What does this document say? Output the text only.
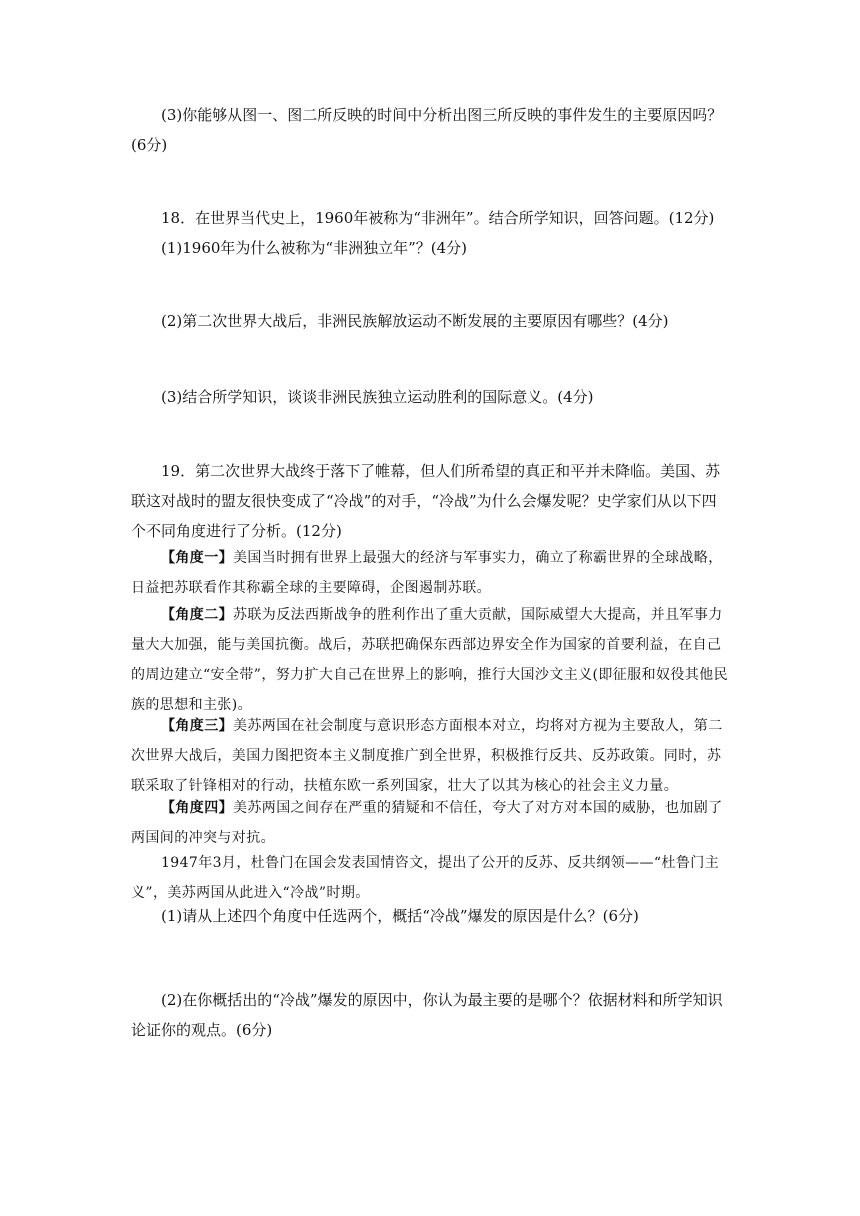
(3)你能够从图一、图二所反映的时间中分析出图三所反映的事件发生的主要原因吗？(6分)

18．在世界当代史上，1960年被称为“非洲年”。结合所学知识，回答问题。(12分)

(1)1960年为什么被称为“非洲独立年”？(4分)

(2)第二次世界大战后，非洲民族解放运动不断发展的主要原因有哪些？(4分)

(3)结合所学知识，谈谈非洲民族独立运动胜利的国际意义。(4分)

19．第二次世界大战终于落下了帷幕，但人们所希望的真正和平并未降临。美国、苏联这对战时的盟友很快变成了“冷战”的对手，“冷战”为什么会爆发呢？史学家们从以下四个不同角度进行了分析。(12分)

【角度一】美国当时拥有世界上最强大的经济与军事实力，确立了称霸世界的全球战略，日益把苏联看作其称霸全球的主要障碍，企图遏制苏联。

【角度二】苏联为反法西斯战争的胜利作出了重大贡献，国际威望大大提高，并且军事力量大大加强，能与美国抗衡。战后，苏联把确保东西部边界安全作为国家的首要利益，在自己的周边建立“安全带”，努力扩大自己在世界上的影响，推行大国沙文主义(即征服和奴役其他民族的思想和主张)。

【角度三】美苏两国在社会制度与意识形态方面根本对立，均将对方视为主要敌人，第二次世界大战后，美国力图把资本主义制度推广到全世界，积极推行反共、反苏政策。同时，苏联采取了针锋相对的行动，扶植东欧一系列国家，壮大了以其为核心的社会主义力量。

【角度四】美苏两国之间存在严重的猜疑和不信任，夸大了对方对本国的威胁，也加剧了两国间的冲突与对抗。

1947年3月，杜鲁门在国会发表国情咨文，提出了公开的反苏、反共纲领——“杜鲁门主义”，美苏两国从此进入“冷战”时期。

(1)请从上述四个角度中任选两个，概括“冷战”爆发的原因是什么？(6分)

(2)在你概括出的“冷战”爆发的原因中，你认为最主要的是哪个？依据材料和所学知识论证你的观点。(6分)
